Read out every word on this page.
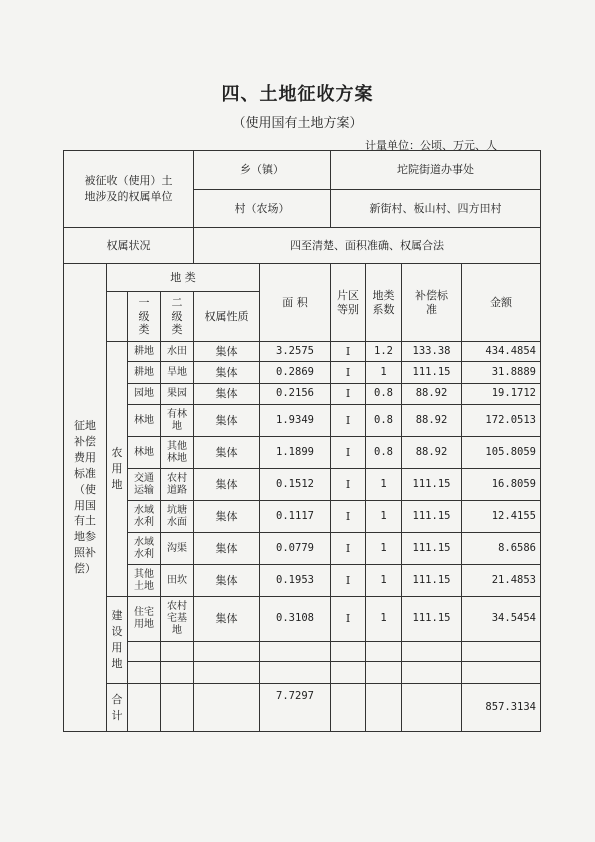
四、土地征收方案
（使用国有土地方案）
计量单位：公顷、万元、人
被征收（使用）土地涉及的权属单位				乡（镇）		坨院街道办事处			
				村（农场）		新街村、板山村、四方田村			
权属状况				四至清楚、面积准确、权属合法					
征地补偿费用标准（使用国有土地参照补偿）	地 类				面 积	片区等别	地类系数	补偿标准	金额
		一级类	二级类	权属性质					
	农用地	耕地	水田	集体	3.2575	Ⅰ	1.2	133.38	434.4854
		耕地	旱地	集体	0.2869	Ⅰ	1	111.15	31.8889
		园地	果园	集体	0.2156	Ⅰ	0.8	88.92	19.1712
		林地	有林地	集体	1.9349	Ⅰ	0.8	88.92	172.0513
		林地	其他林地	集体	1.1899	Ⅰ	0.8	88.92	105.8059
		交通运输	农村道路	集体	0.1512	Ⅰ	1	111.15	16.8059
		水域水利	坑塘水面	集体	0.1117	Ⅰ	1	111.15	12.4155
		水域水利	沟渠	集体	0.0779	Ⅰ	1	111.15	8.6586
		其他土地	田坎	集体	0.1953	Ⅰ	1	111.15	21.4853
	建设用地	住宅用地	农村宅基地	集体	0.3108	Ⅰ	1	111.15	34.5454

	合计				7.7297				857.3134
